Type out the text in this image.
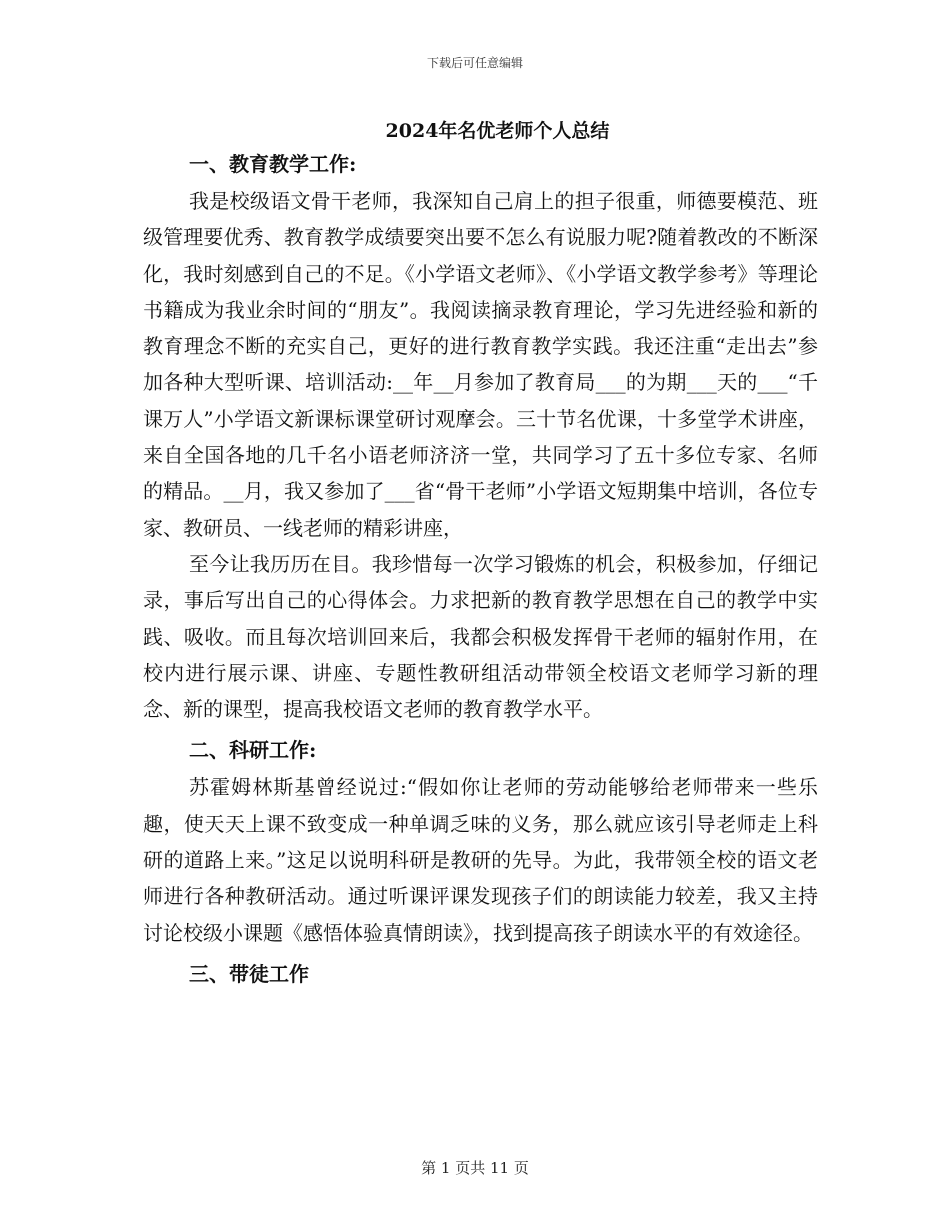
下载后可任意编辑
2024年名优老师个人总结
一、教育教学工作:

我是校级语文骨干老师，我深知自己肩上的担子很重，师德要模范、班级管理要优秀、教育教学成绩要突出要不怎么有说服力呢?随着教改的不断深化，我时刻感到自己的不足。《小学语文老师》、《小学语文教学参考》等理论书籍成为我业余时间的“朋友”。我阅读摘录教育理论，学习先进经验和新的教育理念不断的充实自己，更好的进行教育教学实践。我还注重“走出去”参加各种大型听课、培训活动:__年__月参加了教育局___的为期___天的___“千课万人”小学语文新课标课堂研讨观摩会。三十节名优课，十多堂学术讲座，来自全国各地的几千名小语老师济济一堂，共同学习了五十多位专家、名师的精品。__月，我又参加了___省“骨干老师”小学语文短期集中培训，各位专家、教研员、一线老师的精彩讲座，

至今让我历历在目。我珍惜每一次学习锻炼的机会，积极参加，仔细记录，事后写出自己的心得体会。力求把新的教育教学思想在自己的教学中实践、吸收。而且每次培训回来后，我都会积极发挥骨干老师的辐射作用，在校内进行展示课、讲座、专题性教研组活动带领全校语文老师学习新的理念、新的课型，提高我校语文老师的教育教学水平。

二、科研工作:

苏霍姆林斯基曾经说过:“假如你让老师的劳动能够给老师带来一些乐趣，使天天上课不致变成一种单调乏味的义务，那么就应该引导老师走上科研的道路上来。”这足以说明科研是教研的先导。为此，我带领全校的语文老师进行各种教研活动。通过听课评课发现孩子们的朗读能力较差，我又主持讨论校级小课题《感悟体验真情朗读》，找到提高孩子朗读水平的有效途径。

三、带徒工作
第 1 页共 11 页
